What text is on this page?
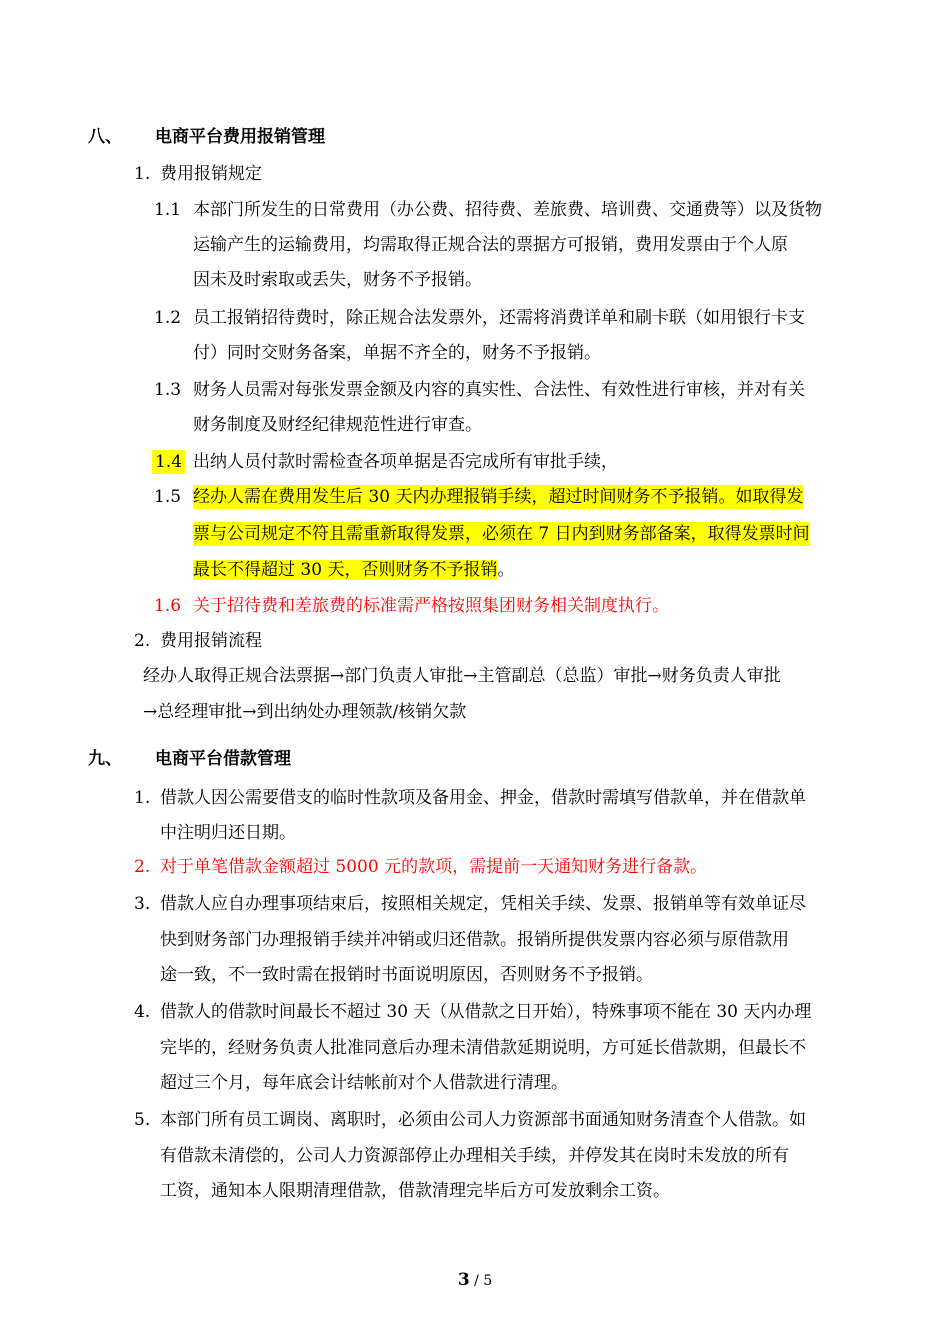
八、 电商平台费用报销管理
1. 费用报销规定
1.1 本部门所发生的日常费用（办公费、招待费、差旅费、培训费、交通费等）以及货物
运输产生的运输费用，均需取得正规合法的票据方可报销，费用发票由于个人原
因未及时索取或丢失，财务不予报销。
1.2 员工报销招待费时，除正规合法发票外，还需将消费详单和刷卡联（如用银行卡支
付）同时交财务备案，单据不齐全的，财务不予报销。
1.3 财务人员需对每张发票金额及内容的真实性、合法性、有效性进行审核，并对有关
财务制度及财经纪律规范性进行审查。
1.4 出纳人员付款时需检查各项单据是否完成所有审批手续，
1.5 经办人需在费用发生后 30 天内办理报销手续，超过时间财务不予报销。如取得发
票与公司规定不符且需重新取得发票，必须在 7 日内到财务部备案，取得发票时间
最长不得超过 30 天，否则财务不予报销。
1.6 关于招待费和差旅费的标准需严格按照集团财务相关制度执行。
2. 费用报销流程
经办人取得正规合法票据→部门负责人审批→主管副总（总监）审批→财务负责人审批
→总经理审批→到出纳处办理领款/核销欠款
九、 电商平台借款管理
1. 借款人因公需要借支的临时性款项及备用金、押金，借款时需填写借款单，并在借款单
中注明归还日期。
2. 对于单笔借款金额超过 5000 元的款项，需提前一天通知财务进行备款。
3. 借款人应自办理事项结束后，按照相关规定，凭相关手续、发票、报销单等有效单证尽
快到财务部门办理报销手续并冲销或归还借款。报销所提供发票内容必须与原借款用
途一致，不一致时需在报销时书面说明原因，否则财务不予报销。
4. 借款人的借款时间最长不超过 30 天（从借款之日开始），特殊事项不能在 30 天内办理
完毕的，经财务负责人批准同意后办理未清借款延期说明，方可延长借款期，但最长不
超过三个月，每年底会计结帐前对个人借款进行清理。
5. 本部门所有员工调岗、离职时，必须由公司人力资源部书面通知财务清查个人借款。如
有借款未清偿的，公司人力资源部停止办理相关手续，并停发其在岗时未发放的所有
工资，通知本人限期清理借款，借款清理完毕后方可发放剩余工资。
3 / 5
